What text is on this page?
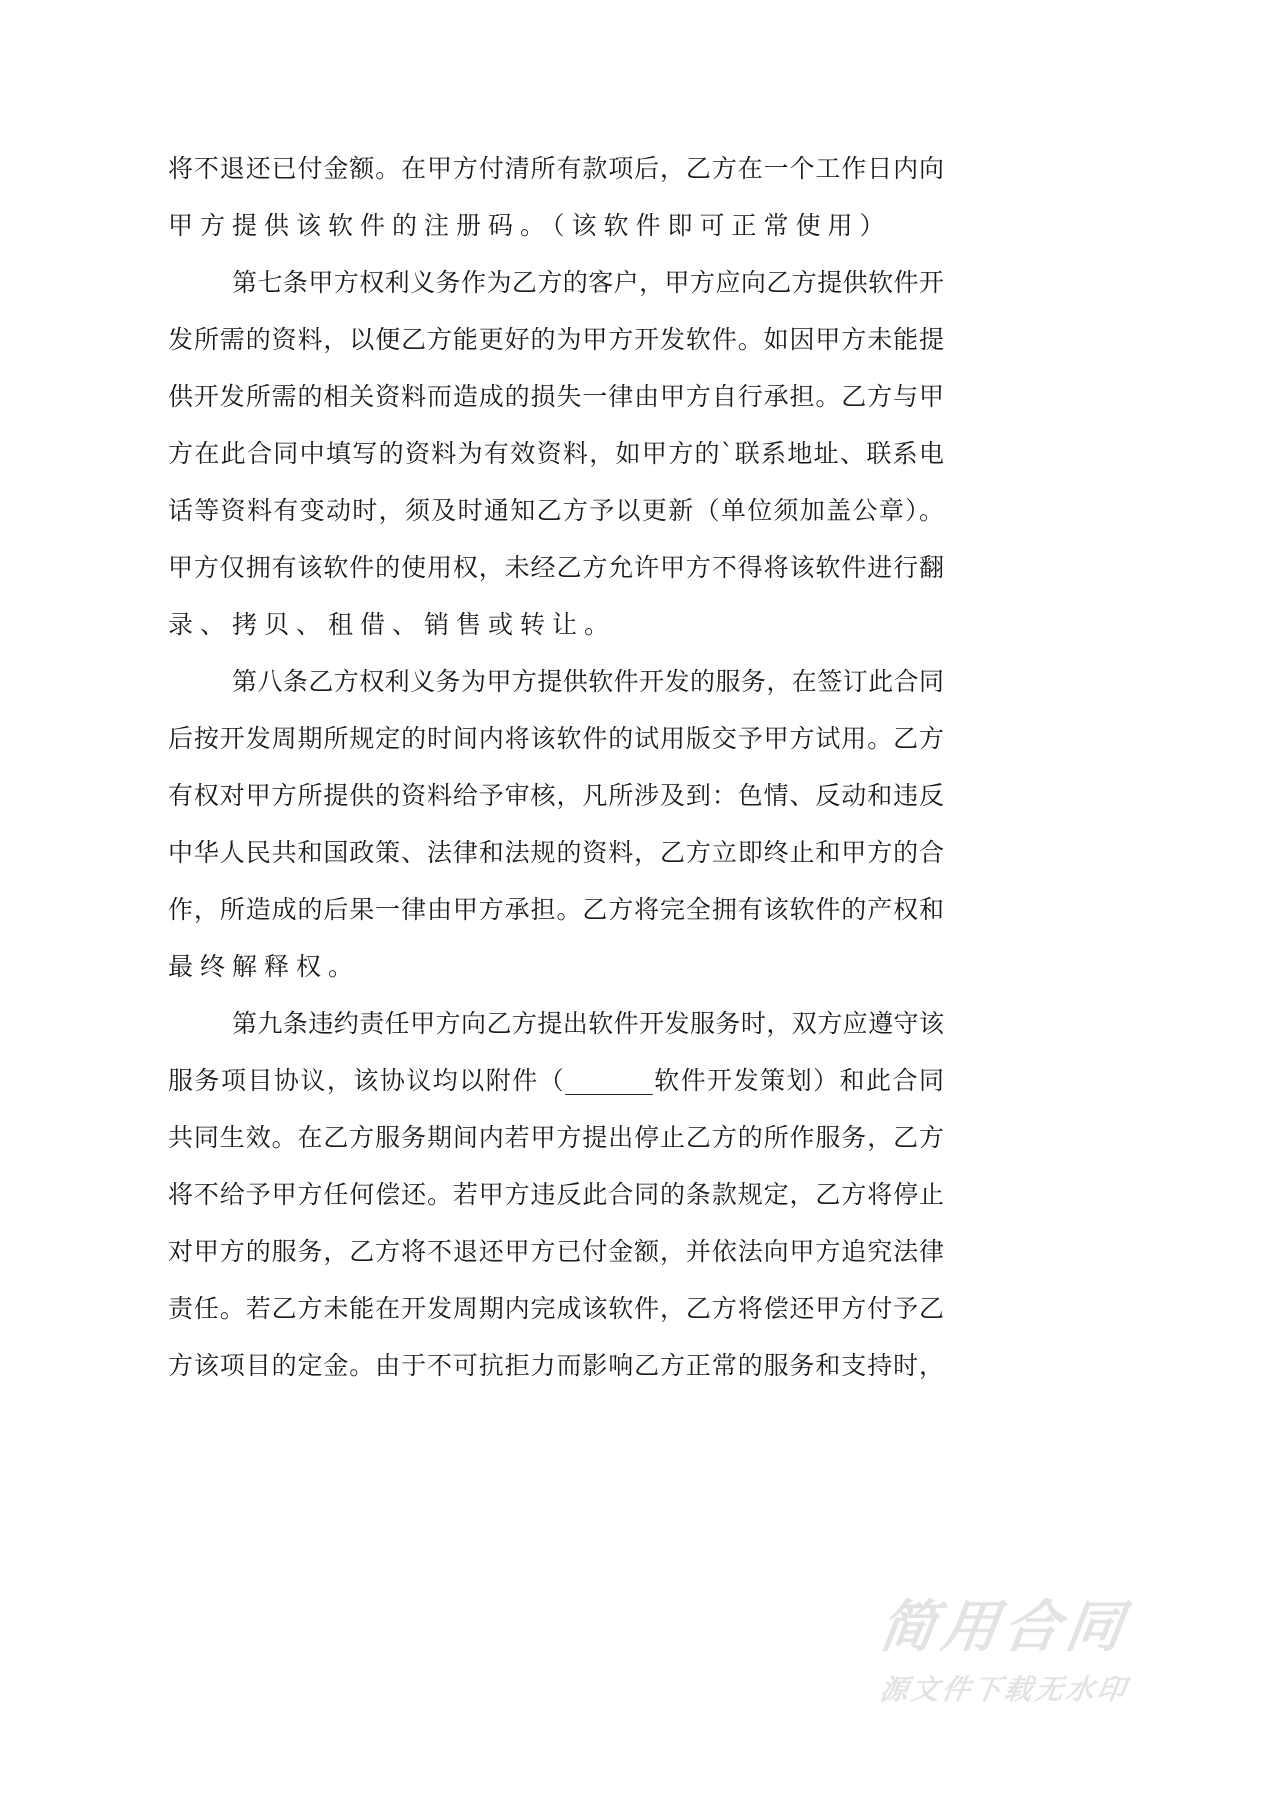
将不退还已付金额。在甲方付清所有款项后，乙方在一个工作日内向
甲方提供该软件的注册码。（该软件即可正常使用）
第七条甲方权利义务作为乙方的客户，甲方应向乙方提供软件开
发所需的资料，以便乙方能更好的为甲方开发软件。如因甲方未能提
供开发所需的相关资料而造成的损失一律由甲方自行承担。乙方与甲
方在此合同中填写的资料为有效资料，如甲方的`联系地址、联系电
话等资料有变动时，须及时通知乙方予以更新（单位须加盖公章）。
甲方仅拥有该软件的使用权，未经乙方允许甲方不得将该软件进行翻
录、拷贝、租借、销售或转让。
第八条乙方权利义务为甲方提供软件开发的服务，在签订此合同
后按开发周期所规定的时间内将该软件的试用版交予甲方试用。乙方
有权对甲方所提供的资料给予审核，凡所涉及到：色情、反动和违反
中华人民共和国政策、法律和法规的资料，乙方立即终止和甲方的合
作，所造成的后果一律由甲方承担。乙方将完全拥有该软件的产权和
最终解释权。
第九条违约责任甲方向乙方提出软件开发服务时，双方应遵守该
服务项目协议，该协议均以附件（_______软件开发策划）和此合同
共同生效。在乙方服务期间内若甲方提出停止乙方的所作服务，乙方
将不给予甲方任何偿还。若甲方违反此合同的条款规定，乙方将停止
对甲方的服务，乙方将不退还甲方已付金额，并依法向甲方追究法律
责任。若乙方未能在开发周期内完成该软件，乙方将偿还甲方付予乙
方该项目的定金。由于不可抗拒力而影响乙方正常的服务和支持时，
简用合同
源文件下载无水印
